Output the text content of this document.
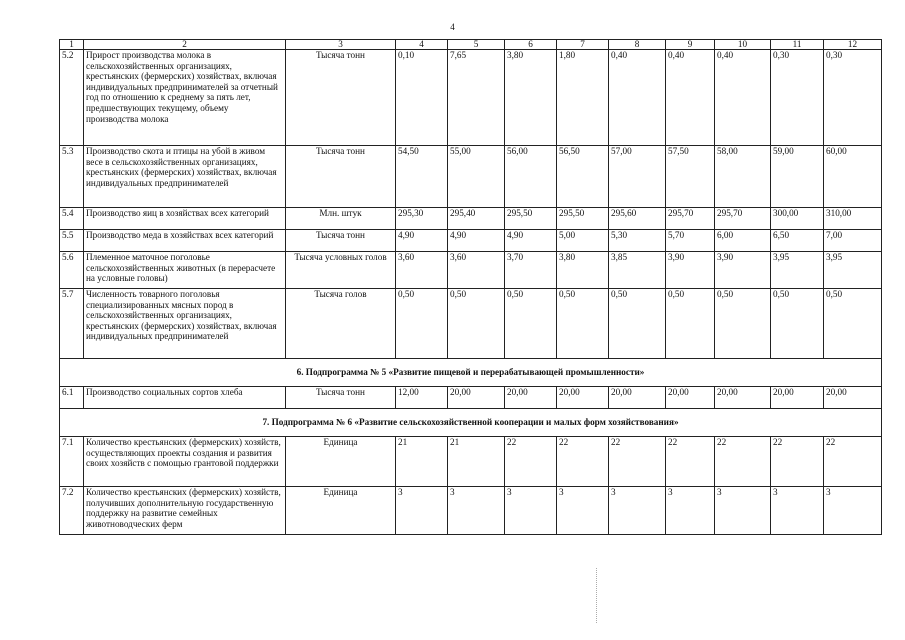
4
1	2	3	4	5	6	7	8	9	10	11	12
5.2	Прирост производства молока в сельскохозяйственных организациях, крестьянских (фермерских) хозяйствах, включая индивидуальных предпринимателей за отчетный год по отношению к среднему за пять лет, предшествующих текущему, объему производства молока	Тысяча тонн	0,10	7,65	3,80	1,80	0,40	0,40	0,40	0,30	0,30
5.3	Производство скота и птицы на убой в живом весе в сельскохозяйственных организациях, крестьянских (фермерских) хозяйствах, включая индивидуальных предпринимателей	Тысяча тонн	54,50	55,00	56,00	56,50	57,00	57,50	58,00	59,00	60,00
5.4	Производство яиц в хозяйствах всех категорий	Млн. штук	295,30	295,40	295,50	295,50	295,60	295,70	295,70	300,00	310,00
5.5	Производство меда в хозяйствах всех категорий	Тысяча тонн	4,90	4,90	4,90	5,00	5,30	5,70	6,00	6,50	7,00
5.6	Племенное маточное поголовье сельскохозяйственных животных (в перерасчете на условные головы)	Тысяча условных голов	3,60	3,60	3,70	3,80	3,85	3,90	3,90	3,95	3,95
5.7	Численность товарного поголовья специализированных мясных пород в сельскохозяйственных организациях, крестьянских (фермерских) хозяйствах, включая индивидуальных предпринимателей	Тысяча голов	0,50	0,50	0,50	0,50	0,50	0,50	0,50	0,50	0,50
6. Подпрограмма № 5 «Развитие пищевой и перерабатывающей промышленности»											
6.1	Производство социальных сортов хлеба	Тысяча тонн	12,00	20,00	20,00	20,00	20,00	20,00	20,00	20,00	20,00
7. Подпрограмма № 6 «Развитие сельскохозяйственной кооперации и малых форм хозяйствования»											
7.1	Количество крестьянских (фермерских) хозяйств, осуществляющих проекты создания и развития своих хозяйств с помощью грантовой поддержки	Единица	21	21	22	22	22	22	22	22	22
7.2	Количество крестьянских (фермерских) хозяйств, получивших дополнительную государственную поддержку на развитие семейных животноводческих ферм	Единица	3	3	3	3	3	3	3	3	3
